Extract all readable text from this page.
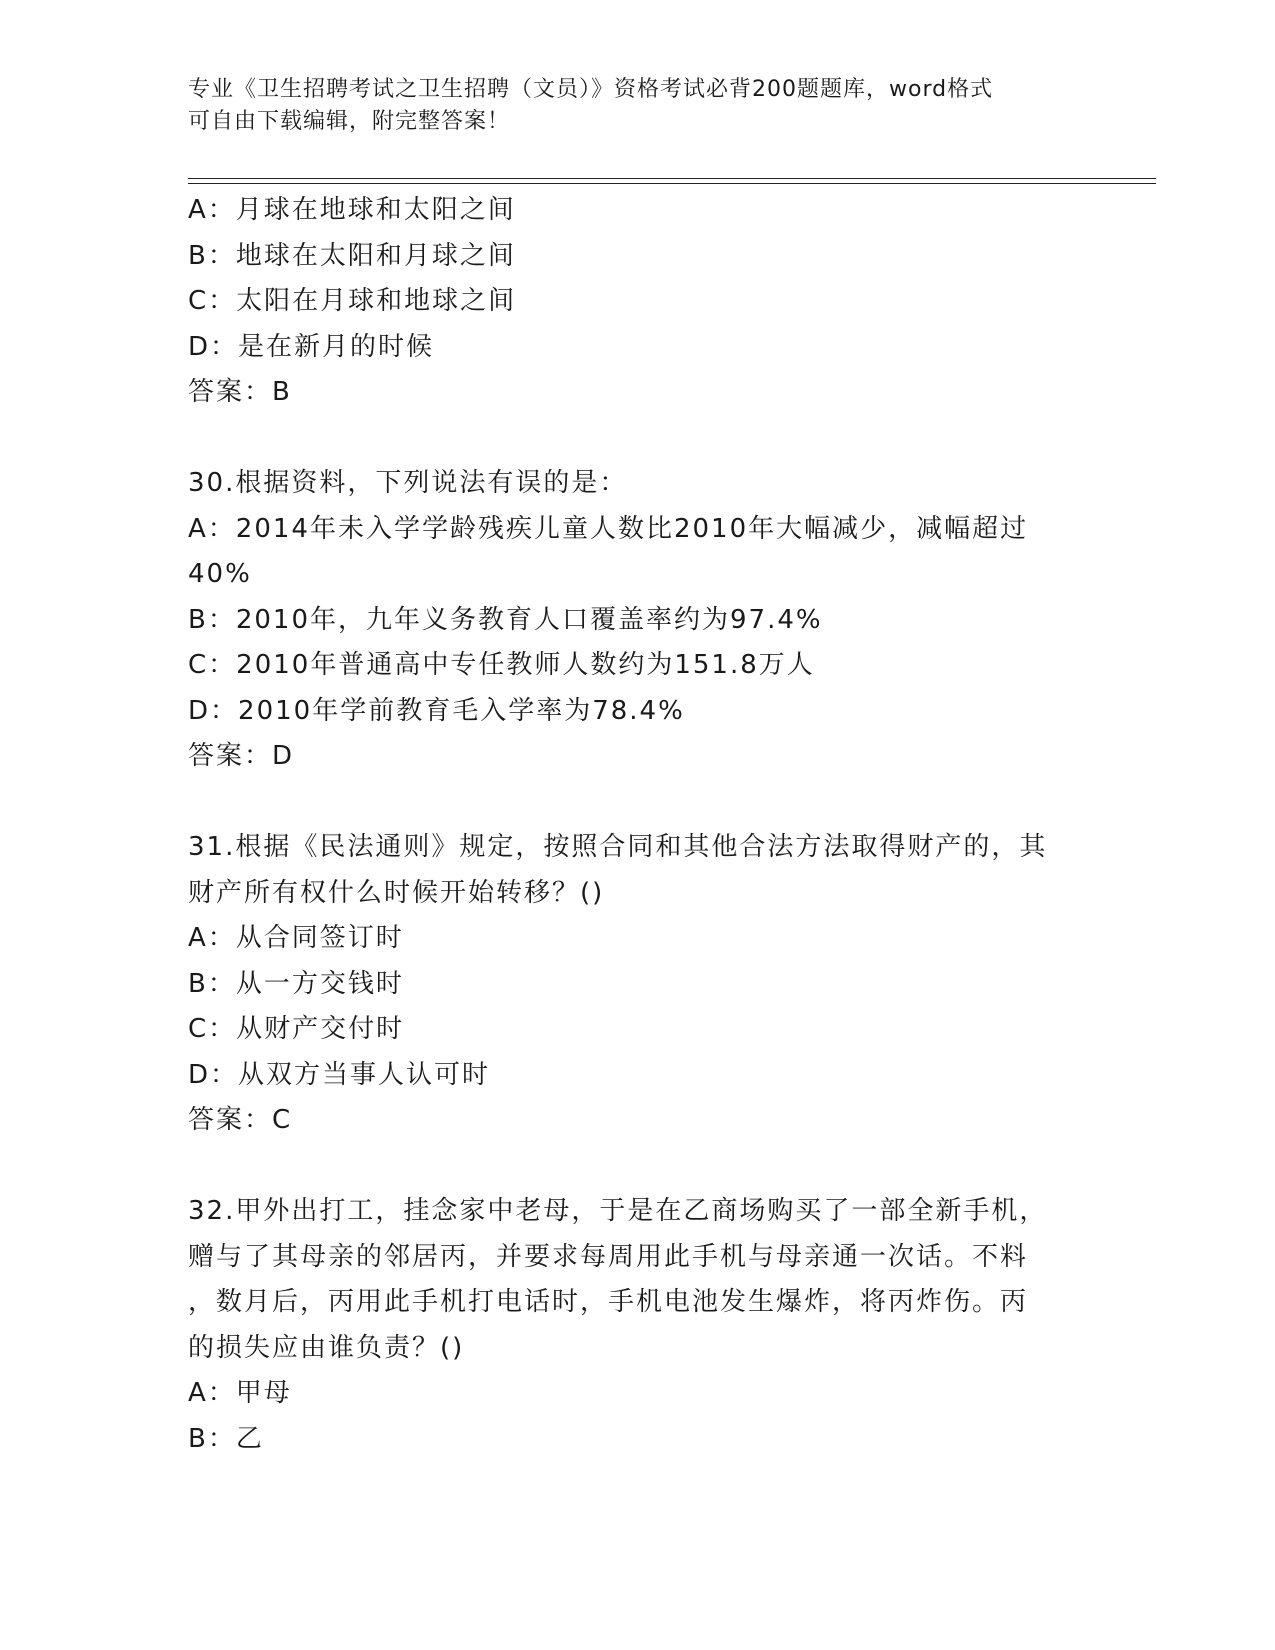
专业《卫生招聘考试之卫生招聘（文员）》资格考试必背200题题库，word格式
可自由下载编辑，附完整答案！
A：月球在地球和太阳之间
B：地球在太阳和月球之间
C：太阳在月球和地球之间
D：是在新月的时候
答案：B
30.根据资料，下列说法有误的是：
A：2014年未入学学龄残疾儿童人数比2010年大幅减少，减幅超过
40%
B：2010年，九年义务教育人口覆盖率约为97.4%
C：2010年普通高中专任教师人数约为151.8万人
D：2010年学前教育毛入学率为78.4%
答案：D
31.根据《民法通则》规定，按照合同和其他合法方法取得财产的，其
财产所有权什么时候开始转移？()
A：从合同签订时
B：从一方交钱时
C：从财产交付时
D：从双方当事人认可时
答案：C
32.甲外出打工，挂念家中老母，于是在乙商场购买了一部全新手机，
赠与了其母亲的邻居丙，并要求每周用此手机与母亲通一次话。不料
，数月后，丙用此手机打电话时，手机电池发生爆炸，将丙炸伤。丙
的损失应由谁负责？()
A：甲母
B：乙
